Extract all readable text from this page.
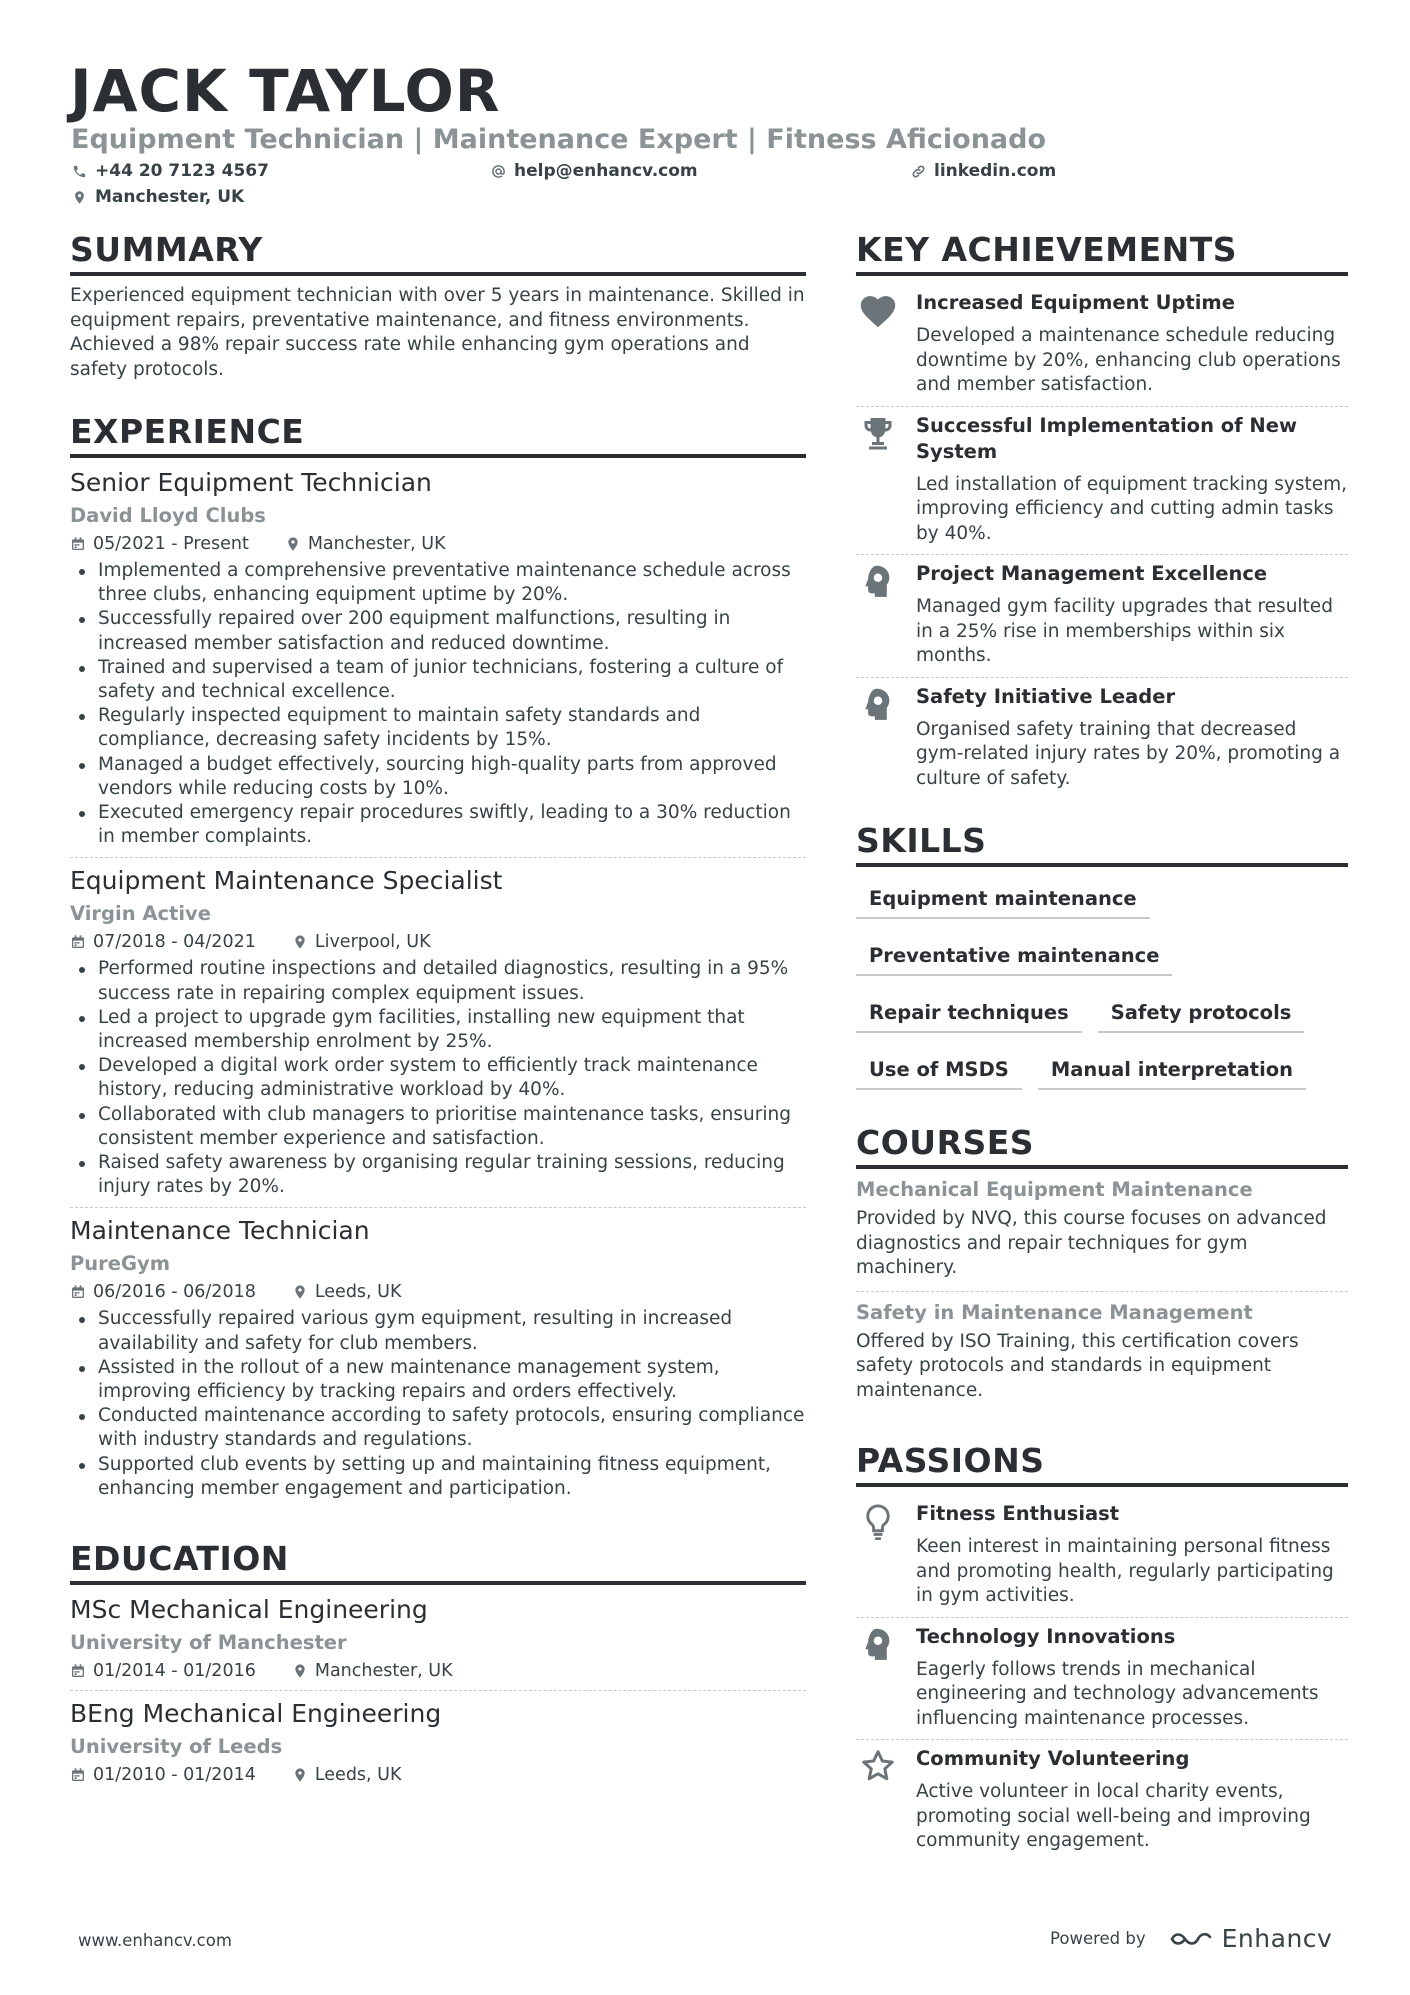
JACK TAYLOR
Equipment Technician | Maintenance Expert | Fitness Aficionado
+44 20 7123 4567	help@enhancv.com	linkedin.com
Manchester, UK
SUMMARY
Experienced equipment technician with over 5 years in maintenance. Skilled in equipment repairs, preventative maintenance, and fitness environments. Achieved a 98% repair success rate while enhancing gym operations and safety protocols.
EXPERIENCE
Senior Equipment Technician
David Lloyd Clubs
05/2021 - Present	Manchester, UK
Implemented a comprehensive preventative maintenance schedule across three clubs, enhancing equipment uptime by 20%.
Successfully repaired over 200 equipment malfunctions, resulting in increased member satisfaction and reduced downtime.
Trained and supervised a team of junior technicians, fostering a culture of safety and technical excellence.
Regularly inspected equipment to maintain safety standards and compliance, decreasing safety incidents by 15%.
Managed a budget effectively, sourcing high-quality parts from approved vendors while reducing costs by 10%.
Executed emergency repair procedures swiftly, leading to a 30% reduction in member complaints.
Equipment Maintenance Specialist
Virgin Active
07/2018 - 04/2021	Liverpool, UK
Performed routine inspections and detailed diagnostics, resulting in a 95% success rate in repairing complex equipment issues.
Led a project to upgrade gym facilities, installing new equipment that increased membership enrolment by 25%.
Developed a digital work order system to efficiently track maintenance history, reducing administrative workload by 40%.
Collaborated with club managers to prioritise maintenance tasks, ensuring consistent member experience and satisfaction.
Raised safety awareness by organising regular training sessions, reducing injury rates by 20%.
Maintenance Technician
PureGym
06/2016 - 06/2018	Leeds, UK
Successfully repaired various gym equipment, resulting in increased availability and safety for club members.
Assisted in the rollout of a new maintenance management system, improving efficiency by tracking repairs and orders effectively.
Conducted maintenance according to safety protocols, ensuring compliance with industry standards and regulations.
Supported club events by setting up and maintaining fitness equipment, enhancing member engagement and participation.
EDUCATION
MSc Mechanical Engineering
University of Manchester
01/2014 - 01/2016	Manchester, UK
BEng Mechanical Engineering
University of Leeds
01/2010 - 01/2014	Leeds, UK
KEY ACHIEVEMENTS
Increased Equipment Uptime
Developed a maintenance schedule reducing downtime by 20%, enhancing club operations and member satisfaction.
Successful Implementation of New System
Led installation of equipment tracking system, improving efficiency and cutting admin tasks by 40%.
Project Management Excellence
Managed gym facility upgrades that resulted in a 25% rise in memberships within six months.
Safety Initiative Leader
Organised safety training that decreased gym-related injury rates by 20%, promoting a culture of safety.
SKILLS
Equipment maintenance
Preventative maintenance
Repair techniques	Safety protocols
Use of MSDS	Manual interpretation
COURSES
Mechanical Equipment Maintenance
Provided by NVQ, this course focuses on advanced diagnostics and repair techniques for gym machinery.
Safety in Maintenance Management
Offered by ISO Training, this certification covers safety protocols and standards in equipment maintenance.
PASSIONS
Fitness Enthusiast
Keen interest in maintaining personal fitness and promoting health, regularly participating in gym activities.
Technology Innovations
Eagerly follows trends in mechanical engineering and technology advancements influencing maintenance processes.
Community Volunteering
Active volunteer in local charity events, promoting social well-being and improving community engagement.
www.enhancv.com	Powered by	Enhancv
